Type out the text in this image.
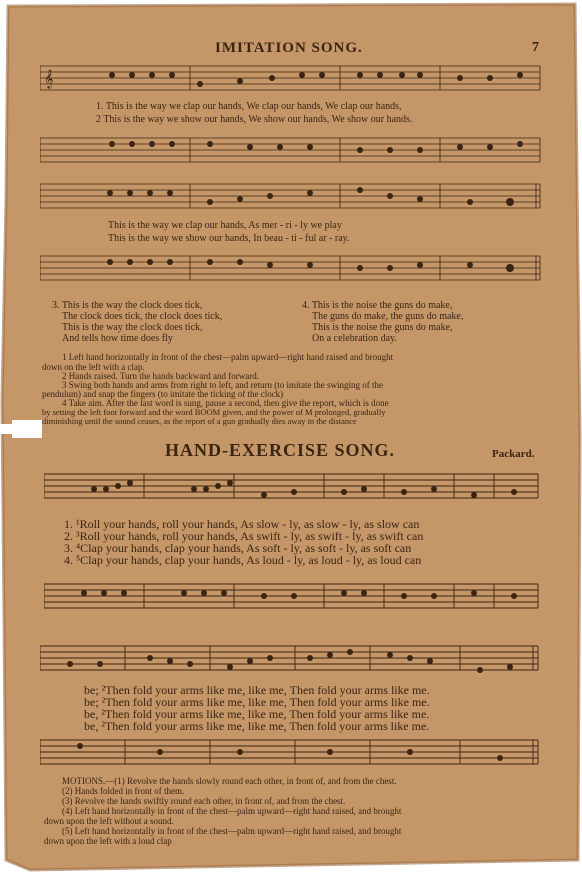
7
IMITATION SONG.
𝄞
1. This is the way we clap our hands, We clap our hands, We clap our hands,
2 This is the way we show our hands, We show our hands, We show our hands.
This is the way we clap our hands, As mer - ri - ly we play
This is the way we show our hands, In beau - ti - ful ar - ray.
3. This is the way the clock does tick,
The clock does tick, the clock does tick,
This is the way the clock does tick,
And tells how time does fly
4. This is the noise the guns do make,
The guns do make, the guns do make,
This is the noise the guns do make,
On a celebration day.
1 Left hand horizontally in front of the chest—palm upward—right hand raised and brought
down on the left with a clap.
2 Hands raised. Turn the hands backward and forward.
3 Swing both hands and arms from right to left, and return (to imitate the swinging of the
pendulum) and snap the fingers (to imitate the ticking of the clock)
4 Take aim. After the last word is sung, pause a second, then give the report, which is done
by setting the left foot forward and the word BOOM given, and the power of M prolonged, gradually
diminishing until the sound ceases, as the report of a gun gradually dies away in the distance
HAND-EXERCISE SONG.	Packard.
1. ¹Roll your hands, roll your hands, As slow - ly, as slow - ly, as slow can
2. ³Roll your hands, roll your hands, As swift - ly, as swift - ly, as swift can
3. ⁴Clap your hands, clap your hands, As soft - ly, as soft - ly, as soft can
4. ⁵Clap your hands, clap your hands, As loud - ly, as loud - ly, as loud can
be; ²Then fold your arms like me, like me, Then fold your arms like me.
be; ²Then fold your arms like me, like me, Then fold your arms like me.
be, ²Then fold your arms like me, like me, Then fold your arms like me.
be, ²Then fold your arms like me, like me, Then fold your arms like me.
MOTIONS.—(1) Revolve the hands slowly round each other, in front of, and from the chest.
(2) Hands folded in front of them.
(3) Revolve the hands swiftly round each other, in front of, and from the chest.
(4) Left hand horizontally in front of the chest—palm upward—right hand raised, and brought
down upon the left without a sound.
(5) Left hand horizontally in front of the chest—palm upward—right hand raised, and brought
down upon the left with a loud clap
